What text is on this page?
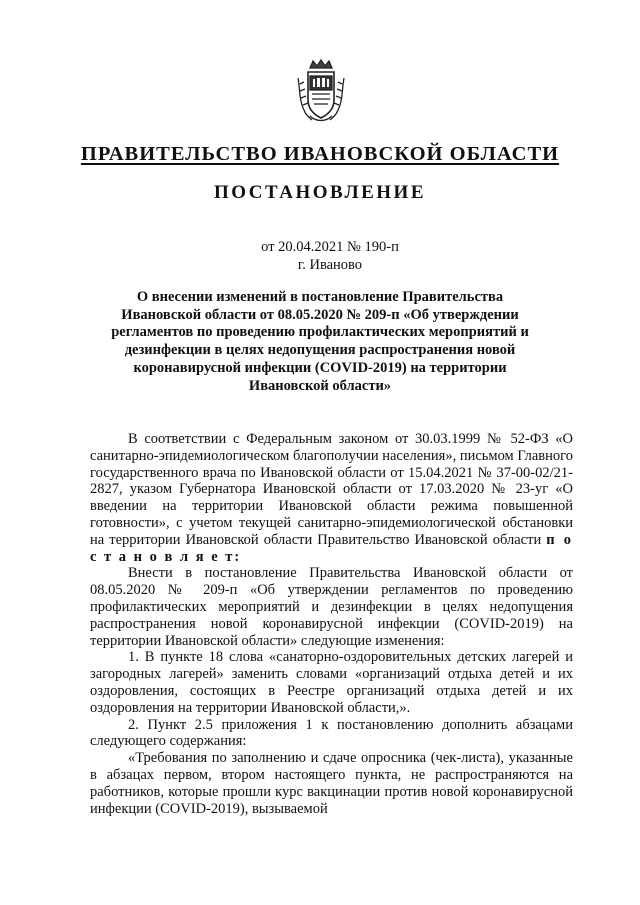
ПРАВИТЕЛЬСТВО ИВАНОВСКОЙ ОБЛАСТИ
ПОСТАНОВЛЕНИЕ
от 20.04.2021 № 190-п
г. Иваново
О внесении изменений в постановление Правительства Ивановской области от 08.05.2020 № 209-п «Об утверждении регламентов по проведению профилактических мероприятий и дезинфекции в целях недопущения распространения новой коронавирусной инфекции (COVID-2019) на территории Ивановской области»

В соответствии с Федеральным законом от 30.03.1999 № 52-ФЗ «О санитарно-эпидемиологическом благополучии населения», письмом Главного государственного врача по Ивановской области от 15.04.2021 № 37-00-02/21-2827, указом Губернатора Ивановской области от 17.03.2020 № 23-уг «О введении на территории Ивановской области режима повышенной готовности», с учетом текущей санитарно-эпидемиологической обстановки на территории Ивановской области Правительство Ивановской области п о с т а н о в л я е т:

Внести в постановление Правительства Ивановской области от 08.05.2020 № 209-п «Об утверждении регламентов по проведению профилактических мероприятий и дезинфекции в целях недопущения распространения новой коронавирусной инфекции (COVID-2019) на территории Ивановской области» следующие изменения:

1. В пункте 18 слова «санаторно-оздоровительных детских лагерей и загородных лагерей» заменить словами «организаций отдыха детей и их оздоровления, состоящих в Реестре организаций отдыха детей и их оздоровления на территории Ивановской области,».

2. Пункт 2.5 приложения 1 к постановлению дополнить абзацами следующего содержания:

«Требования по заполнению и сдаче опросника (чек-листа), указанные в абзацах первом, втором настоящего пункта, не распространяются на работников, которые прошли курс вакцинации против новой коронавирусной инфекции (COVID-2019), вызываемой
